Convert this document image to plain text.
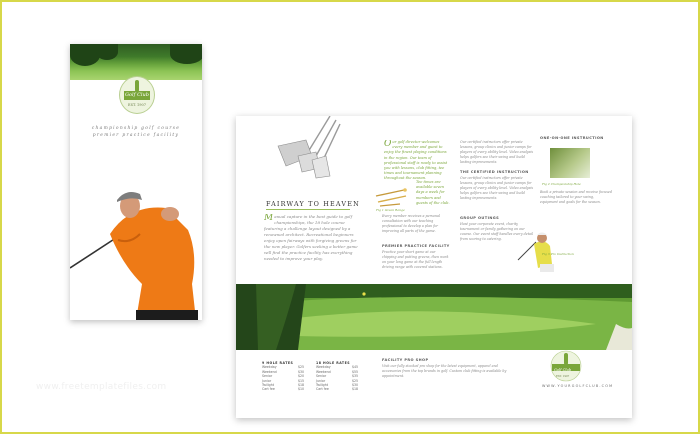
Golf Club
EST. 1907
championship golf course
premier practice facility
FAIRWAY TO HEAVEN
Manual capture in the best guide to golf championships, the 18 hole course featuring a challenge layout designed by a renowned architect. Recreational beginners enjoy open fairways with forgiving greens for the new player. Golfers seeking a better game will find the practice facility has everything needed to improve your play.
Our golf director welcomes every member and guest to enjoy the finest playing conditions in the region. Our team of professional staff is ready to assist you with lessons, club fitting, tee times and tournament planning throughout the season.
Tee times are available seven days a week for members and guests of the club.
Fig 1 Green Range
Every member receives a personal consultation with our teaching professional to develop a plan for improving all parts of the game.
PREMIER PRACTICE FACILITY
Practice your short game at our chipping and putting greens, then work on your long game at the full length driving range with covered stations.
Our certified instructors offer private lessons, group clinics and junior camps for players of every ability level. Video analysis helps golfers see their swing and build lasting improvements.
THE CERTIFIED INSTRUCTION
Our certified instructors offer private lessons, group clinics and junior camps for players of every ability level. Video analysis helps golfers see their swing and build lasting improvements.
GROUP OUTINGS
Host your corporate event, charity tournament or family gathering on our course. Our event staff handles every detail from scoring to catering.
Fig 2 Championship Hole
ONE-ON-ONE INSTRUCTION
Book a private session and receive focused coaching tailored to your swing, equipment and goals for the season.
Fig 3 Pro Instruction
9 HOLE RATES
Weekday	$25
Weekend	$30
Senior	$20
Junior	$15
Twilight	$18
Cart fee	$10
18 HOLE RATES
Weekday	$45
Weekend	$55
Senior	$35
Junior	$25
Twilight	$30
Cart fee	$18
FACILITY PRO SHOP
Visit our fully stocked pro shop for the latest equipment, apparel and accessories from the top brands in golf. Custom club fitting is available by appointment.
Golf Club
EST. 1907
WWW.YOURGOLFCLUB.COM
www.freetemplatefiles.com
